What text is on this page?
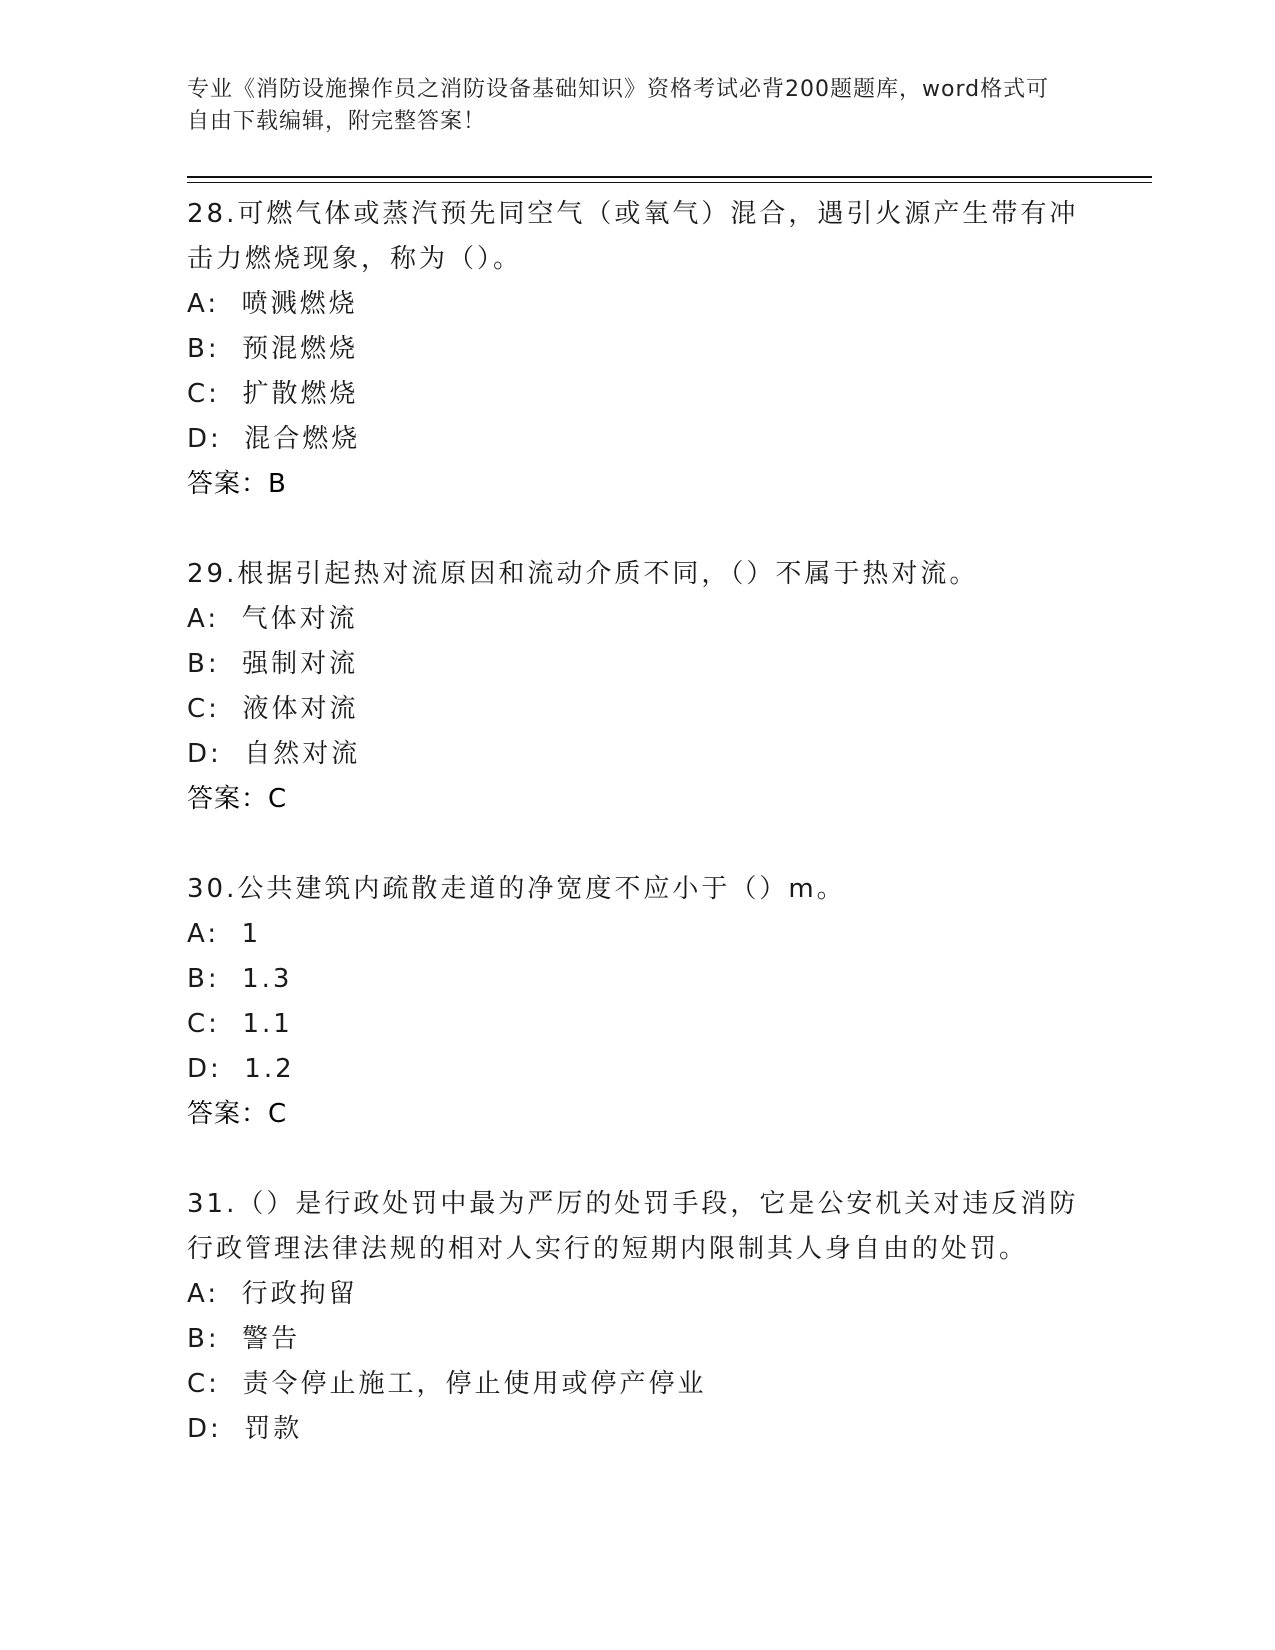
专业《消防设施操作员之消防设备基础知识》资格考试必背200题题库，word格式可自由下载编辑，附完整答案！
28.可燃气体或蒸汽预先同空气（或氧气）混合，遇引火源产生带有冲击力燃烧现象，称为（）。
A:  喷溅燃烧
B:  预混燃烧
C:  扩散燃烧
D:  混合燃烧
答案：B
29.根据引起热对流原因和流动介质不同，（）不属于热对流。
A:  气体对流
B:  强制对流
C:  液体对流
D:  自然对流
答案：C
30.公共建筑内疏散走道的净宽度不应小于（）m。
A:  1
B:  1.3
C:  1.1
D:  1.2
答案：C
31.（）是行政处罚中最为严厉的处罚手段，它是公安机关对违反消防行政管理法律法规的相对人实行的短期内限制其人身自由的处罚。
A:  行政拘留
B:  警告
C:  责令停止施工，停止使用或停产停业
D:  罚款
